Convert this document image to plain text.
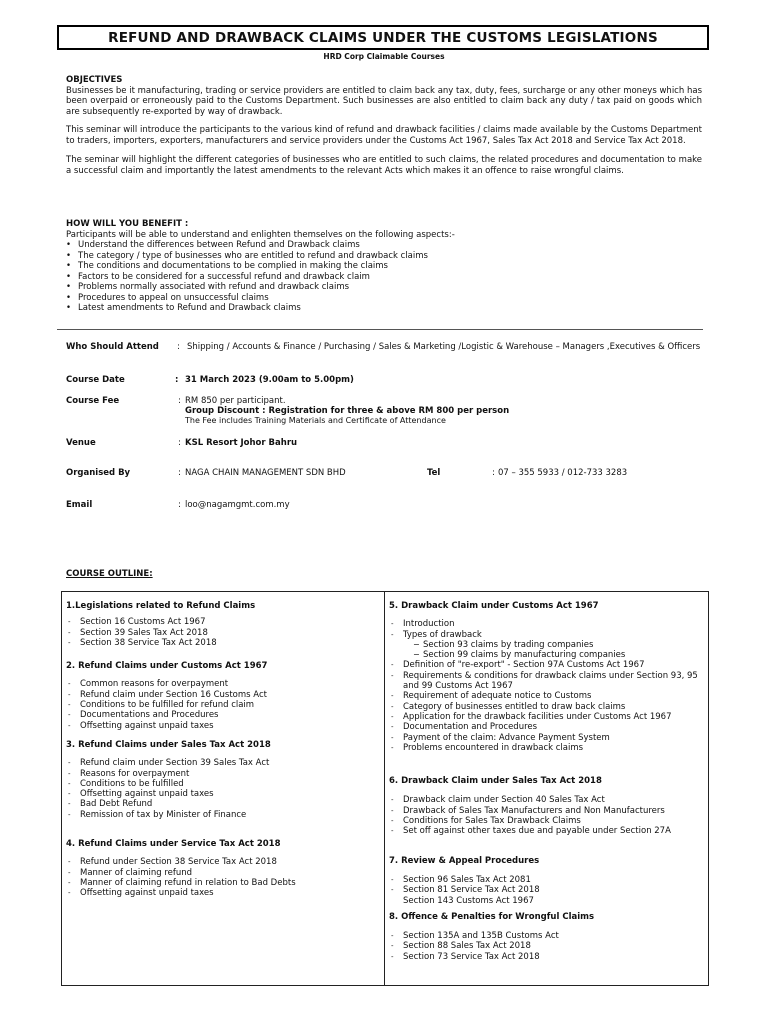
REFUND AND DRAWBACK CLAIMS UNDER THE CUSTOMS LEGISLATIONS
HRD Corp Claimable Courses
OBJECTIVES
Businesses be it manufacturing, trading or service providers are entitled to claim back any tax, duty, fees, surcharge or any other moneys which has been overpaid or erroneously paid to the Customs Department. Such businesses are also entitled to claim back any duty / tax paid on goods which are subsequently re-exported by way of drawback.
This seminar will introduce the participants to the various kind of refund and drawback facilities / claims made available by the Customs Department to traders, importers, exporters, manufacturers and service providers under the Customs Act 1967, Sales Tax Act 2018 and Service Tax Act 2018.
The seminar will highlight the different categories of businesses who are entitled to such claims, the related procedures and documentation to make a successful claim and importantly the latest amendments to the relevant Acts which makes it an offence to raise wrongful claims.
HOW WILL YOU BENEFIT :
Participants will be able to understand and enlighten themselves on the following aspects:-
• Understand the differences between Refund and Drawback claims
• The category / type of businesses who are entitled to refund and drawback claims
• The conditions and documentations to be complied in making the claims
• Factors to be considered for a successful refund and drawback claim
• Problems normally associated with refund and drawback claims
• Procedures to appeal on unsuccessful claims
• Latest amendments to Refund and Drawback claims
Who Should Attend : Shipping / Accounts & Finance / Purchasing / Sales & Marketing /Logistic & Warehouse – Managers ,Executives & Officers
Course Date	: 31 March 2023 (9.00am to 5.00pm)
Course Fee	: RM 850 per participant.
Group Discount : Registration for three & above RM 800 per person
The Fee includes Training Materials and Certificate of Attendance
Venue	: KSL Resort Johor Bahru
Organised By	: NAGA CHAIN MANAGEMENT SDN BHD	Tel	: 07 – 355 5933 / 012-733 3283
Email	: loo@nagamgmt.com.my
COURSE OUTLINE:
1.Legislations related to Refund Claims
- Section 16 Customs Act 1967
- Section 39 Sales Tax Act 2018
- Section 38 Service Tax Act 2018
2. Refund Claims under Customs Act 1967
- Common reasons for overpayment
- Refund claim under Section 16 Customs Act
- Conditions to be fulfilled for refund claim
- Documentations and Procedures
- Offsetting against unpaid taxes
3. Refund Claims under Sales Tax Act 2018
- Refund claim under Section 39 Sales Tax Act
- Reasons for overpayment
- Conditions to be fulfilled
- Offsetting against unpaid taxes
- Bad Debt Refund
- Remission of tax by Minister of Finance
4. Refund Claims under Service Tax Act 2018
- Refund under Section 38 Service Tax Act 2018
- Manner of claiming refund
- Manner of claiming refund in relation to Bad Debts
- Offsetting against unpaid taxes
5. Drawback Claim under Customs Act 1967
- Introduction
- Types of drawback
− Section 93 claims by trading companies
− Section 99 claims by manufacturing companies
- Definition of "re-export" - Section 97A Customs Act 1967
- Requirements & conditions for drawback claims under Section 93, 95 and 99 Customs Act 1967
- Requirement of adequate notice to Customs
- Category of businesses entitled to draw back claims
- Application for the drawback facilities under Customs Act 1967
- Documentation and Procedures
- Payment of the claim: Advance Payment System
- Problems encountered in drawback claims
6. Drawback Claim under Sales Tax Act 2018
- Drawback claim under Section 40 Sales Tax Act
- Drawback of Sales Tax Manufacturers and Non Manufacturers
- Conditions for Sales Tax Drawback Claims
- Set off against other taxes due and payable under Section 27A
7. Review & Appeal Procedures
- Section 96 Sales Tax Act 2081
- Section 81 Service Tax Act 2018
Section 143 Customs Act 1967
8. Offence & Penalties for Wrongful Claims
- Section 135A and 135B Customs Act
- Section 88 Sales Tax Act 2018
- Section 73 Service Tax Act 2018
